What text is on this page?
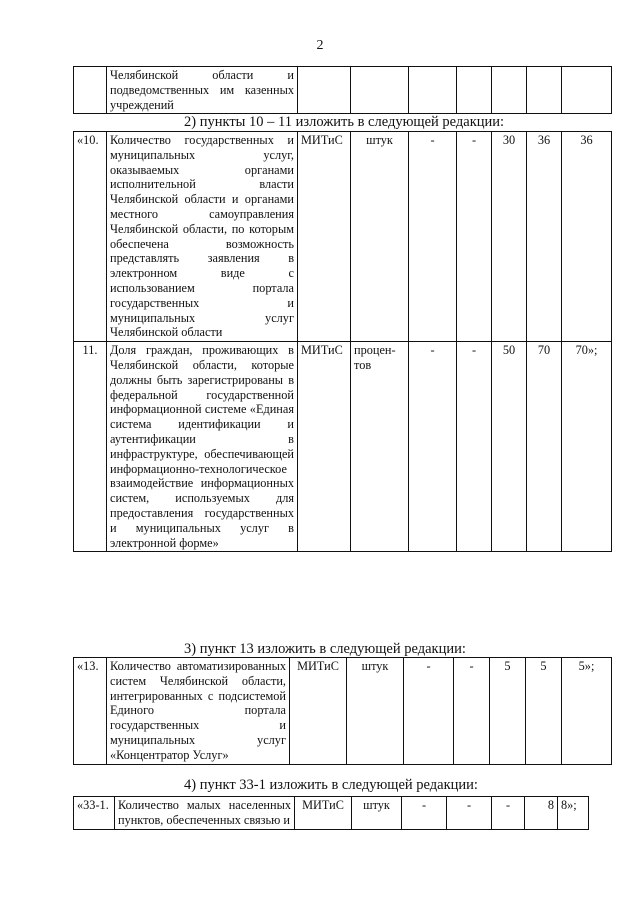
2
	Челябинской области и подведомственных им казенных учреждений							
2) пункты 10 – 11 изложить в следующей редакции:
«10.	Количество государственных и муниципальных услуг, оказываемых органами исполнительной власти Челябинской области и органами местного самоуправления Челябинской области, по которым обеспечена возможность представлять заявления в электронном виде с использованием портала государственных и муниципальных услуг Челябинской области	МИТиС	штук	-	-	30	36	36
11.	Доля граждан, проживающих в Челябинской области, которые должны быть зарегистрированы в федеральной государственной информационной системе «Единая система идентификации и аутентификации в инфраструктуре, обеспечивающей информационно-технологическое взаимодействие информационных систем, используемых для предоставления государственных и муниципальных услуг в электронной форме»	МИТиС	процен-тов	-	-	50	70	70»;
3) пункт 13 изложить в следующей редакции:
«13.	Количество автоматизированных систем Челябинской области, интегрированных с подсистемой Единого портала государственных и муниципальных услуг «Концентратор Услуг»	МИТиС	штук	-	-	5	5	5»;
4) пункт 33-1 изложить в следующей редакции:
«33-1.	Количество малых населенных пунктов, обеспеченных связью и	МИТиС	штук	-	-	-	8	8»;
